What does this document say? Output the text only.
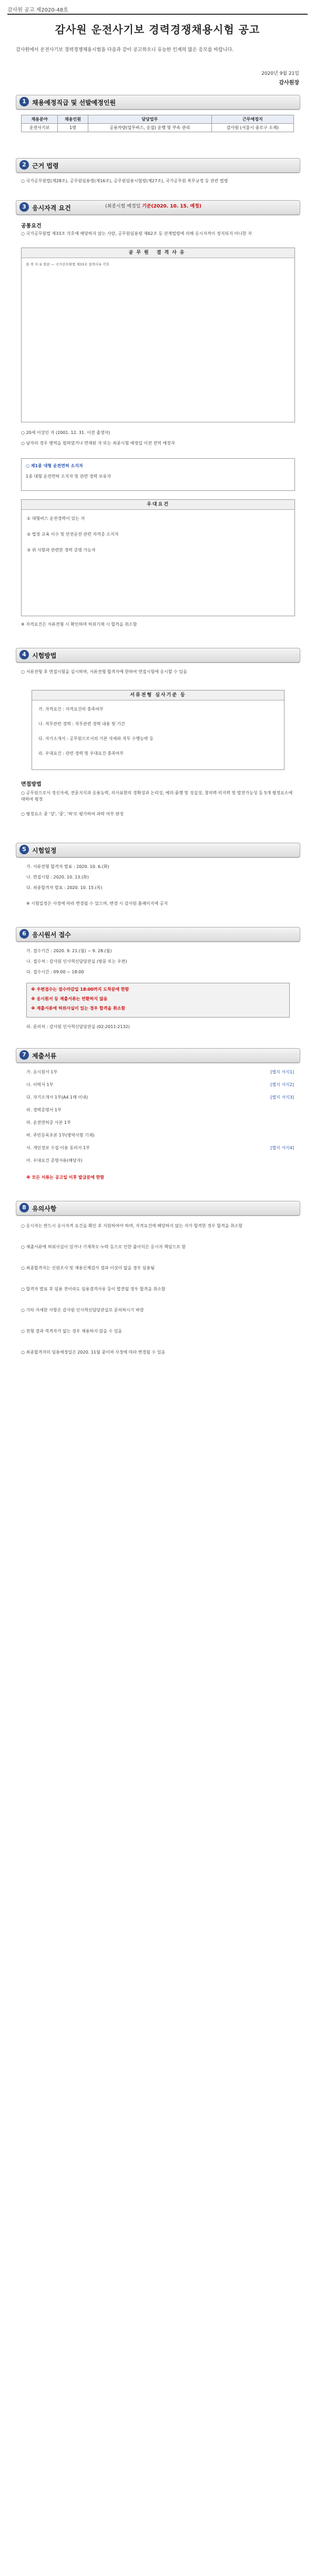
감사원 공고 제2020-48호
감사원 운전사기보 경력경쟁채용시험 공고
감사원에서 운전사기보 경력경쟁채용시험을 다음과 같이 공고하오니 유능한 인재의 많은 응모를 바랍니다.
2020년 9월 21일
감사원장
1 채용예정직급 및 선발예정인원
채용분야	채용인원	담당업무	근무예정지
운전사기보	1명	공용차량(업무버스, 응접) 운행 및 부속 관리	감사원 (서울시 종로구 소재)
2 근거 법령
○ 국가공무원법(제28조), 공무원임용령(제16조), 공무원임용시험령(제27조), 국가공무원 복무규정 등 관련 법령
3 응시자격 요건	(최종시험 예정일 기준(2020. 10. 15. 예정)
공통요건
○ 국가공무원법 제33조 각호에 해당하지 않는 사람, 공무원임용령 제62조 등 관계법령에 의해 응시자격이 정지되지 아니한 자
공무원 결격사유
결 격 사 유 원문 — 국가공무원법 제33조 결격사유 각호
○ 20세 이상인 자 (2001. 12. 31. 이전 출생자)
○ 남자의 경우 병역을 필하였거나 면제된 자 또는 최종시험 예정일 이전 전역 예정자
○ 제1종 대형 운전면허 소지자
1종 대형 운전면허 소지자 및 관련 경력 보유자
우대요건
① 대형버스 운전경력이 있는 자
② 법정 교육 이수 및 안전운전 관련 자격증 소지자
③ 위 사항과 관련한 경력 증명 가능자
※ 자격요건은 서류전형 시 확인하며 허위기재 시 합격을 취소함
4 시험방법
○ 서류전형 후 면접시험을 실시하며, 서류전형 합격자에 한하여 면접시험에 응시할 수 있음
서류전형 심사기준 등
가. 자격요건 : 자격요건의 충족여부
나. 직무관련 경력 : 직무관련 경력 내용 및 기간
다. 자기소개서 : 공무원으로서의 기본 자세와 직무 수행능력 등
라. 우대요건 : 관련 경력 및 우대요건 충족여부
면접방법
○ 공무원으로서 정신자세, 전문지식과 응용능력, 의사표현의 정확성과 논리성, 예의·품행 및 성실성, 창의력·의지력 및 발전가능성 등 5개 평정요소에 대하여 평정
○ 평정요소 중 '상', '중', '하'로 평가하여 과락 여부 판정
5 시험일정
가. 서류전형 합격자 발표 : 2020. 10. 6.(화)
나. 면접시험 : 2020. 10. 13.(화)
다. 최종합격자 발표 : 2020. 10. 15.(목)
※ 시험일정은 사정에 따라 변경될 수 있으며, 변경 시 감사원 홈페이지에 공지
6 응시원서 접수
가. 접수기간 : 2020. 9. 21.(월) ~ 9. 28.(월)
나. 접수처 : 감사원 인사혁신담당관실 (방문 또는 우편)
다. 접수시간 : 09:00 ~ 18:00
※ 우편접수는 접수마감일 18:00까지 도착분에 한함
※ 응시원서 등 제출서류는 반환하지 않음
※ 제출서류에 허위사실이 있는 경우 합격을 취소함
라. 문의처 : 감사원 인사혁신담당관실 (02-2011-2132)
7 제출서류
가. 응시원서 1부	[별지 서식1]
나. 이력서 1부	[별지 서식2]
다. 자기소개서 1부(A4 1매 이내)	[별지 서식3]
라. 경력증명서 1부
마. 운전면허증 사본 1부
바. 주민등록초본 1부(병역사항 기재)
사. 개인정보 수집·이용 동의서 1부	[별지 서식4]
아. 우대요건 증명서류(해당자)
※ 모든 서류는 공고일 이후 발급분에 한함
8 유의사항
○ 응시자는 반드시 응시자격 요건을 확인 후 지원하여야 하며, 자격요건에 해당하지 않는 자가 합격한 경우 합격을 취소함
○ 제출서류에 허위사실이 있거나 기재착오·누락 등으로 인한 불이익은 응시자 책임으로 함
○ 최종합격자는 신원조사 및 채용신체검사 결과 이상이 없을 경우 임용됨
○ 합격자 발표 후 임용 전이라도 임용결격사유 등이 발견될 경우 합격을 취소함
○ 기타 자세한 사항은 감사원 인사혁신담당관실로 문의하시기 바람
○ 전형 결과 적격자가 없는 경우 채용하지 않을 수 있음
○ 최종합격자의 임용예정일은 2020. 11월 중이며 사정에 따라 변경될 수 있음
